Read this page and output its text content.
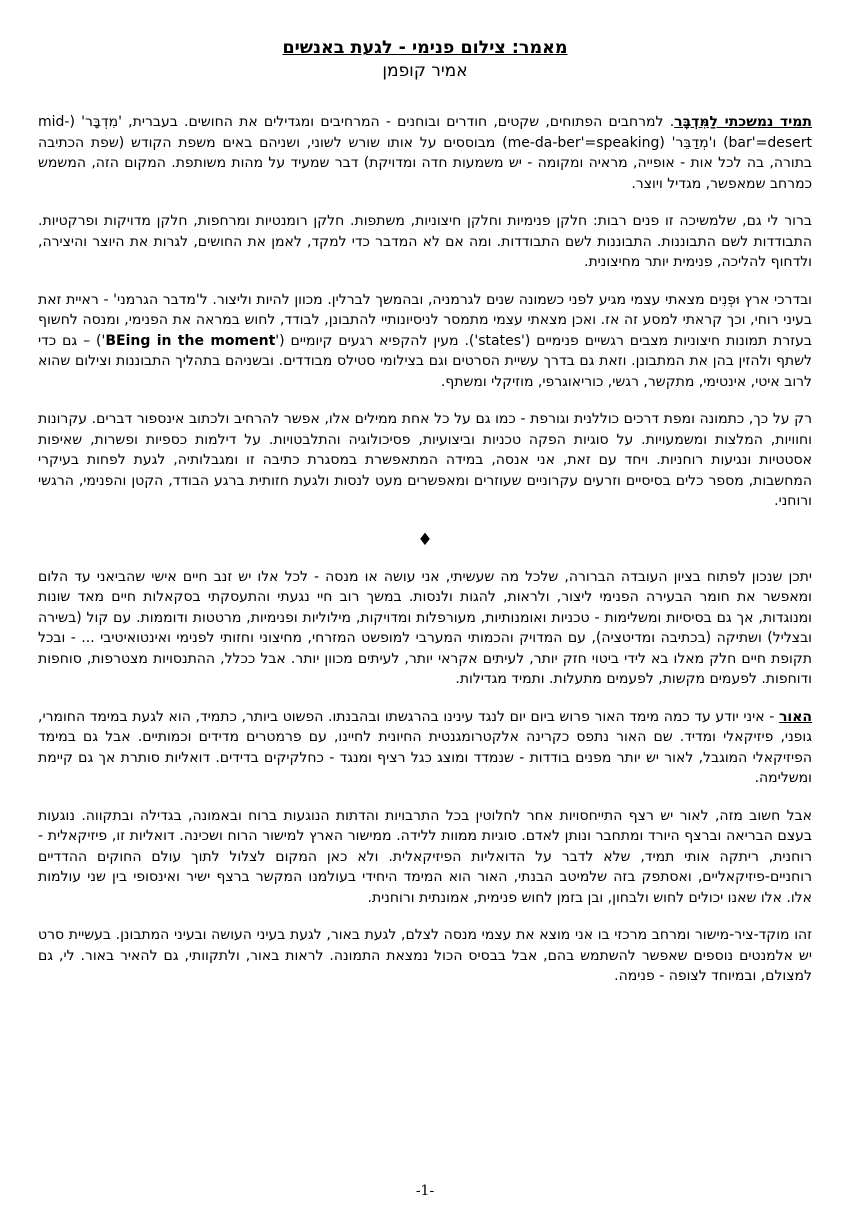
מאמר: צילום פנימי - לגעת באנשים

אמיר קופמן

תמיד נמשכתי לַמִּדְבָּר. למרחבים הפתוחים, שקטים, חודרים ובוחנים - המרחיבים ומגדילים את החושים. בעברית, 'מִדְבָּר' (mid-bar'=desert) ו'מְדַבֵּר' (me-da-ber'=speaking) מבוססים על אותו שורש לשוני, ושניהם באים משפת הקודש (שפת הכתיבה בתורה, בה לכל אות - אופייה, מראיה ומקומה - יש משמעות חדה ומדויקת) דבר שמעיד על מהות משותפת. המקום הזה, המשמש כמרחב שמאפשר, מגדיל ויוצר.

ברור לי גם, שלמשיכה זו פנים רבות: חלקן פנימיות וחלקן חיצוניות, משתפות. חלקן רומנטיות ומרחפות, חלקן מדויקות ופרקטיות. התבודדות לשם התבוננות. התבוננות לשם התבודדות. ומה אם לא המדבר כדי למקד, לאמן את החושים, לגרות את היוצר והיצירה, ולדחוף להליכה, פנימית יותר מחיצונית.

ובדרכי ארץ וּפְנִים מצאתי עצמי מגיע לפני כשמונה שנים לגרמניה, ובהמשך לברלין. מכוון להיות וליצור. ל'מדבר הגרמני' - ראיית זאת בעיני רוחי, וכך קראתי למסע זה אז. ואכן מצאתי עצמי מתמסר לניסיונותיי להתבונן, לבודד, לחוש במראה את הפנימי, ומנסה לחשוף בעזרת תמונות חיצוניות מצבים רגשיים פנימיים ('states'). מעין להקפיא רגעים קיומיים ('BEing in the moment') – גם כדי לשתף ולהזין בהן את המתבונן. וזאת גם בדרך עשיית הסרטים וגם בצילומי סטילס מבודדים. ובשניהם בתהליך התבוננות וצילום שהוא לרוב איטי, אינטימי, מתקשר, רגשי, כוריאוגרפי, מוזיקלי ומשתף.

רק על כך, כתמונה ומפת דרכים כוללנית וגורפת - כמו גם על כל אחת ממילים אלו, אפשר להרחיב ולכתוב אינספור דברים. עקרונות וחוויות, המלצות ומשמעויות. על סוגיות הפקה טכניות וביצועיות, פסיכולוגיה והתלבטויות. על דילמות כספיות ופשרות, שאיפות אסטטיות ונגיעות רוחניות. ויחד עם זאת, אני אנסה, במידה המתאפשרת במסגרת כתיבה זו ומגבלותיה, לגעת לפחות בעיקרי המחשבות, מספר כלים בסיסיים וזרעים עקרוניים שעוזרים ומאפשרים מעט לנסות ולגעת חזותית ברגע הבודד, הקטן והפנימי, הרגשי ורוחני.

♦

יתכן שנכון לפתוח בציון העובדה הברורה, שלכל מה שעשיתי, אני עושה או מנסה - לכל אלו יש זנב חיים אישי שהביאני עד הלום ומאפשר את חומר הבעירה הפנימי ליצור, ולראות, להגות ולנסות. במשך רוב חיי נגעתי והתעסקתי בסקאלות חיים מאד שונות ומנוגדות, אך גם בסיסיות ומשלימות - טכניות ואומנותיות, מעורפלות ומדויקות, מילוליות ופנימיות, מרטטות ודוממות. עם קול (בשירה ובצליל) ושתיקה (בכתיבה ומדיטציה), עם המדויק והכמותי המערבי למופשט המזרחי, מחיצוני וחזותי לפנימי ואינטואיטיבי ... - ובכל תקופת חיים חלק מאלו בא לידי ביטוי חזק יותר, לעיתים אקראי יותר, לעיתים מכוון יותר. אבל ככלל, ההתנסויות מצטרפות, סוחפות ודוחפות. לפעמים מקשות, לפעמים מתעלות. ותמיד מגדילות.

האור - איני יודע עד כמה מימד האור פרוש ביום יום לנגד עינינו בהרגשתו ובהבנתו. הפשוט ביותר, כתמיד, הוא לגעת במימד החומרי, גופני, פיזיקאלי ומדיד. שם האור נתפס כקרינה אלקטרומגנטית החיונית לחיינו, עם פרמטרים מדידים וכמותיים. אבל גם במימד הפיזיקאלי המוגבל, לאור יש יותר מפנים בודדות - שנמדד ומוצג כגל רציף ומנגד - כחלקיקים בדידים. דואליות סותרת אך גם קיימת ומשלימה.

אבל חשוב מזה, לאור יש רצף התייחסויות אחר לחלוטין בכל התרבויות והדתות הנוגעות ברוח ובאמונה, בגדילה ובתקווה. נוגעות בעצם הבריאה וברצף היורד ומתחבר ונותן לאדם. סוגיות ממוות ללידה. ממישור הארץ למישור הרוח ושכינה. דואליות זו, פיזיקאלית - רוחנית, ריתקה אותי תמיד, שלא לדבר על הדואליות הפיזיקאלית. ולא כאן המקום לצלול לתוך עולם החוקים ההדדיים רוחניים-פיזיקאליים, ואסתפק בזה שלמיטב הבנתי, האור הוא המימד היחידי בעולמנו המקשר ברצף ישיר ואינסופי בין שני עולמות אלו. אלו שאנו יכולים לחוש ולבחון, ובן בזמן לחוש פנימית, אמונתית ורוחנית.

זהו מוקד-ציר-מישור ומרחב מרכזי בו אני מוצא את עצמי מנסה לצלם, לגעת באור, לגעת בעיני העושה ובעיני המתבונן. בעשיית סרט יש אלמנטים נוספים שאפשר להשתמש בהם, אבל בבסיס הכול נמצאת התמונה. לראות באור, ולתקוותי, גם להאיר באור. לי, גם למצולם, ובמיוחד לצופה - פנימה.

-1-
